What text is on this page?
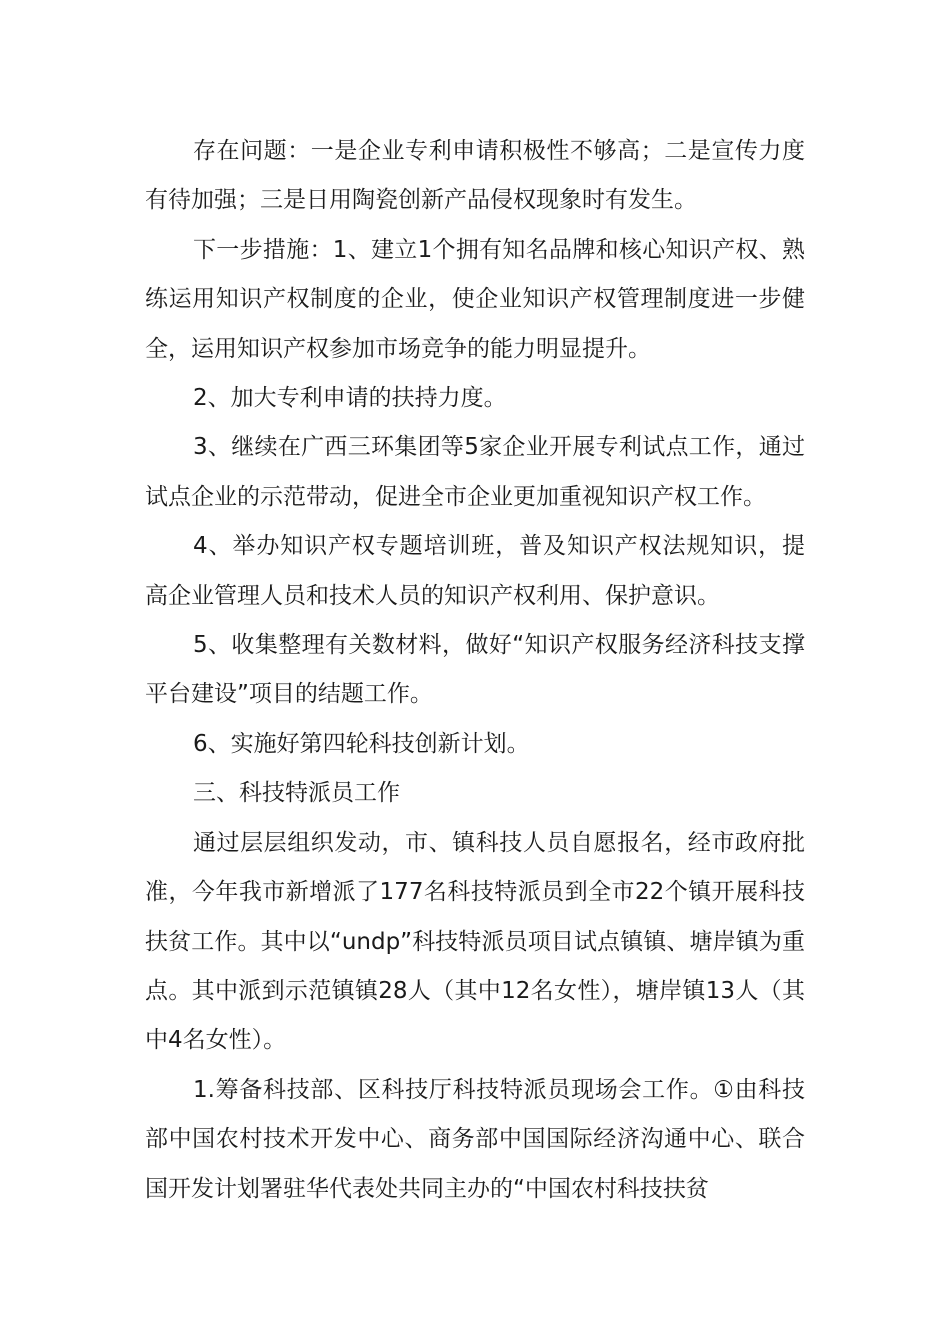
存在问题：一是企业专利申请积极性不够高；二是宣传力度有待加强；三是日用陶瓷创新产品侵权现象时有发生。

下一步措施：1、建立1个拥有知名品牌和核心知识产权、熟练运用知识产权制度的企业，使企业知识产权管理制度进一步健全，运用知识产权参加市场竞争的能力明显提升。

2、加大专利申请的扶持力度。

3、继续在广西三环集团等5家企业开展专利试点工作，通过试点企业的示范带动，促进全市企业更加重视知识产权工作。

4、举办知识产权专题培训班，普及知识产权法规知识，提高企业管理人员和技术人员的知识产权利用、保护意识。

5、收集整理有关数材料，做好“知识产权服务经济科技支撑平台建设”项目的结题工作。

6、实施好第四轮科技创新计划。

三、科技特派员工作

通过层层组织发动，市、镇科技人员自愿报名，经市政府批准，今年我市新增派了177名科技特派员到全市22个镇开展科技扶贫工作。其中以“undp”科技特派员项目试点镇镇、塘岸镇为重点。其中派到示范镇镇28人（其中12名女性），塘岸镇13人（其中4名女性）。

1.筹备科技部、区科技厅科技特派员现场会工作。①由科技部中国农村技术开发中心、商务部中国国际经济沟通中心、联合国开发计划署驻华代表处共同主办的“中国农村科技扶贫
